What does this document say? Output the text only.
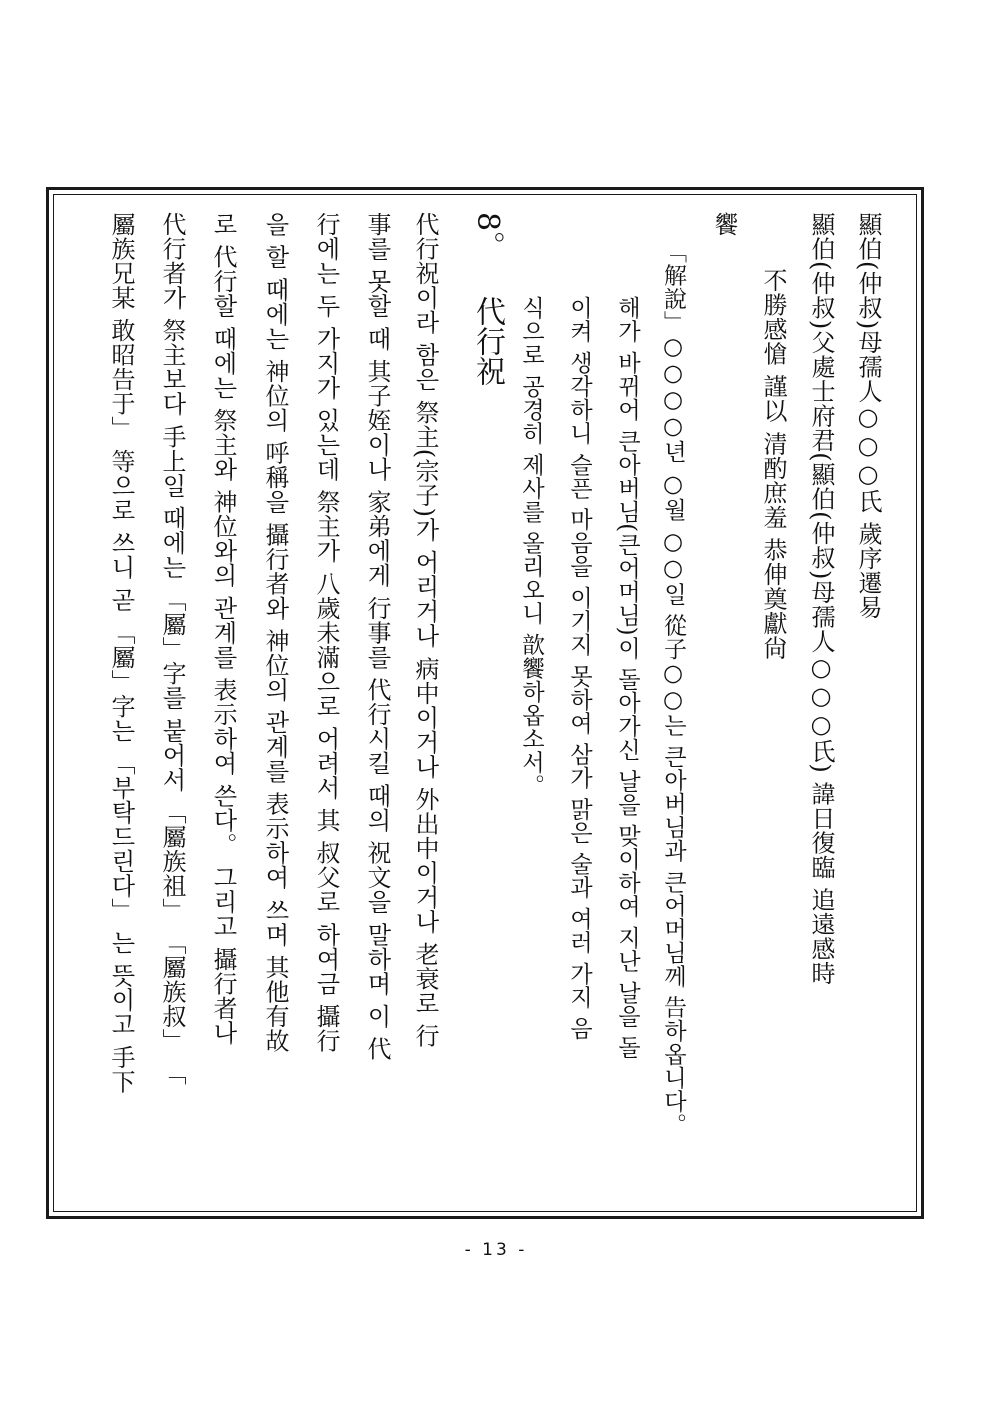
顯伯(仲叔)母孺人○○○氏 歲序遷易
顯伯(仲叔)父處士府君(顯伯(仲叔)母孺人○○○氏) 諱日復臨 追遠感時
不勝感愴 謹以 清酌庶羞 恭伸奠獻尙
饗
「解說」○○○○년 ○월 ○○일 從子○○는 큰아버님과 큰어머님께 告하옵니다。
해가 바뀌어 큰아버님(큰어머님)이 돌아가신 날을 맞이하여 지난 날을 돌
이켜 생각하니 슬픈 마음을 이기지 못하여 삼가 맑은 술과 여러 가지 음
식으로 공경히 제사를 올리오니 歆饗하옵소서。
8。
代行祝
代行祝이라 함은 祭主(宗子)가 어리거나 病中이거나 外出中이거나 老衰로 行
事를 못할 때 其子姪이나 家弟에게 行事를 代行시킬 때의 祝文을 말하며 이 代
行에는 두 가지가 있는데 祭主가 八歲未滿으로 어려서 其 叔父로 하여금 攝行
을 할 때에는 神位의 呼稱을 攝行者와 神位의 관계를 表示하여 쓰며 其他有故
로 代行할 때에는 祭主와 神位와의 관계를 表示하여 쓴다。 그리고 攝行者나
代行者가 祭主보다 手上일 때에는 「屬」字를 붙어서 「屬族祖」 「屬族叔」 「
屬族兄某 敢昭告于」 等으로 쓰니 곧 「屬」字는 「부탁드린다」 는 뜻이고 手下
- 13 -
